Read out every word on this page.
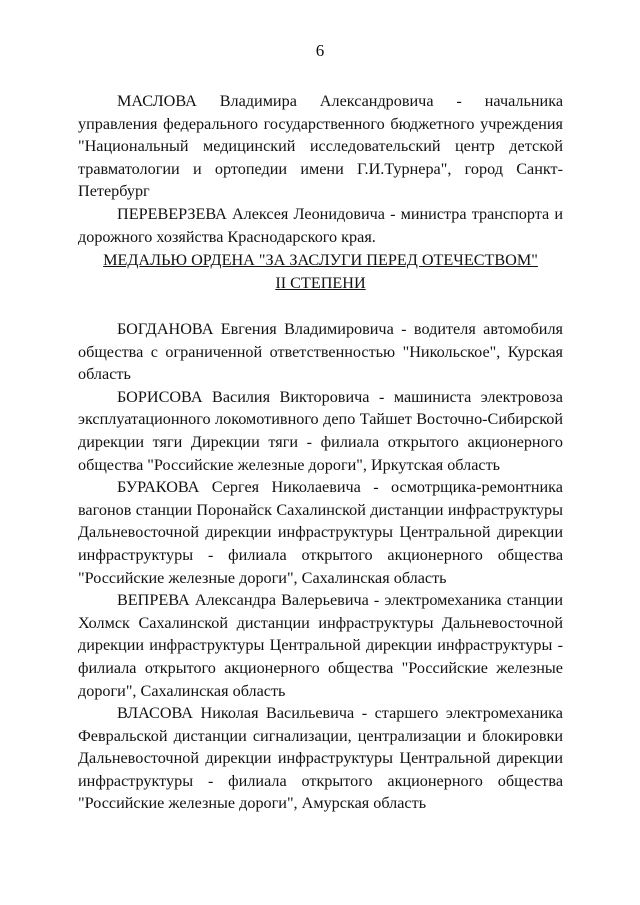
6

МАСЛОВА Владимира Александровича - начальника управления федерального государственного бюджетного учреждения "Национальный медицинский исследовательский центр детской травматологии и ортопедии имени Г.И.Турнера", город Санкт-Петербург

ПЕРЕВЕРЗЕВА Алексея Леонидовича - министра транспорта и дорожного хозяйства Краснодарского края.

МЕДАЛЬЮ ОРДЕНА "ЗА ЗАСЛУГИ ПЕРЕД ОТЕЧЕСТВОМ"
II СТЕПЕНИ

БОГДАНОВА Евгения Владимировича - водителя автомобиля общества с ограниченной ответственностью "Никольское", Курская область

БОРИСОВА Василия Викторовича - машиниста электровоза эксплуатационного локомотивного депо Тайшет Восточно-Сибирской дирекции тяги Дирекции тяги - филиала открытого акционерного общества "Российские железные дороги", Иркутская область

БУРАКОВА Сергея Николаевича - осмотрщика-ремонтника вагонов станции Поронайск Сахалинской дистанции инфраструктуры Дальневосточной дирекции инфраструктуры Центральной дирекции инфраструктуры - филиала открытого акционерного общества "Российские железные дороги", Сахалинская область

ВЕПРЕВА Александра Валерьевича - электромеханика станции Холмск Сахалинской дистанции инфраструктуры Дальневосточной дирекции инфраструктуры Центральной дирекции инфраструктуры - филиала открытого акционерного общества "Российские железные дороги", Сахалинская область

ВЛАСОВА Николая Васильевича - старшего электромеханика Февральской дистанции сигнализации, централизации и блокировки Дальневосточной дирекции инфраструктуры Центральной дирекции инфраструктуры - филиала открытого акционерного общества "Российские железные дороги", Амурская область
